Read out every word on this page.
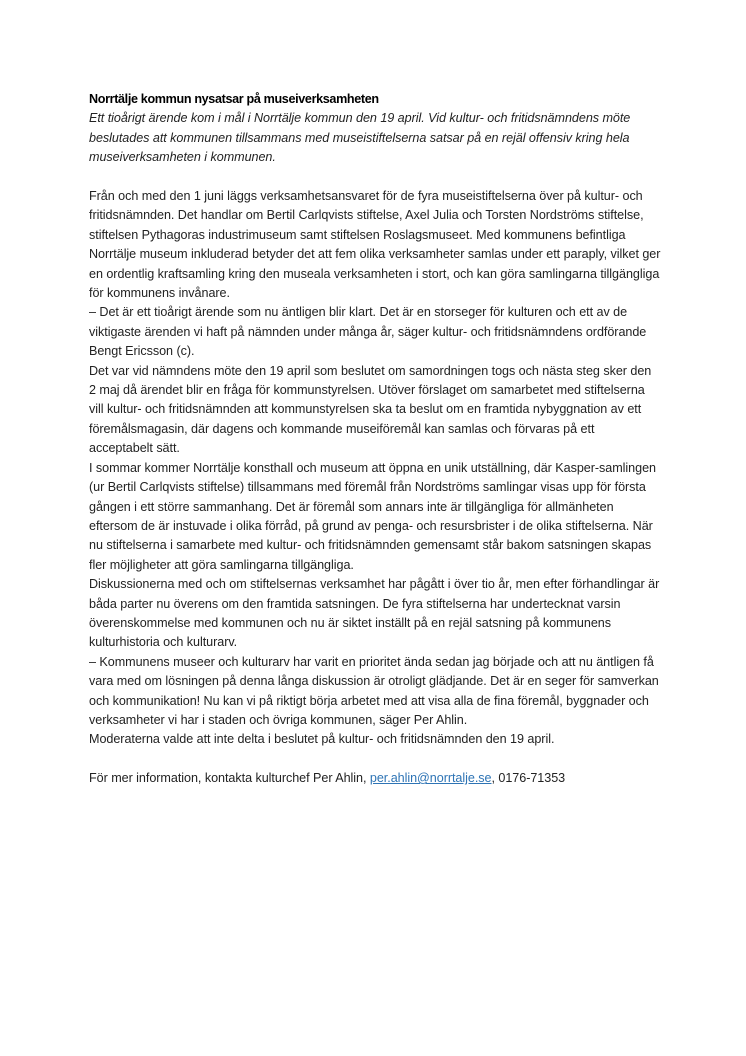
Norrtälje kommun nysatsar på museiverksamheten

Ett tioårigt ärende kom i mål i Norrtälje kommun den 19 april. Vid kultur- och fritidsnämndens möte beslutades att kommunen tillsammans med museistiftelserna satsar på en rejäl offensiv kring hela museiverksamheten i kommunen.

Från och med den 1 juni läggs verksamhetsansvaret för de fyra museistiftelserna över på kultur- och fritidsnämnden. Det handlar om Bertil Carlqvists stiftelse, Axel Julia och Torsten Nordströms stiftelse, stiftelsen Pythagoras industrimuseum samt stiftelsen Roslagsmuseet. Med kommunens befintliga Norrtälje museum inkluderad betyder det att fem olika verksamheter samlas under ett paraply, vilket ger en ordentlig kraftsamling kring den museala verksamheten i stort, och kan göra samlingarna tillgängliga för kommunens invånare.

– Det är ett tioårigt ärende som nu äntligen blir klart. Det är en storseger för kulturen och ett av de viktigaste ärenden vi haft på nämnden under många år, säger kultur- och fritidsnämndens ordförande Bengt Ericsson (c).

Det var vid nämndens möte den 19 april som beslutet om samordningen togs och nästa steg sker den 2 maj då ärendet blir en fråga för kommunstyrelsen. Utöver förslaget om samarbetet med stiftelserna vill kultur- och fritidsnämnden att kommunstyrelsen ska ta beslut om en framtida nybyggnation av ett föremålsmagasin, där dagens och kommande museiföremål kan samlas och förvaras på ett acceptabelt sätt.

I sommar kommer Norrtälje konsthall och museum att öppna en unik utställning, där Kasper-samlingen (ur Bertil Carlqvists stiftelse) tillsammans med föremål från Nordströms samlingar visas upp för första gången i ett större sammanhang. Det är föremål som annars inte är tillgängliga för allmänheten eftersom de är instuvade i olika förråd, på grund av penga- och resursbrister i de olika stiftelserna. När nu stiftelserna i samarbete med kultur- och fritidsnämnden gemensamt står bakom satsningen skapas fler möjligheter att göra samlingarna tillgängliga.

Diskussionerna med och om stiftelsernas verksamhet har pågått i över tio år, men efter förhandlingar är båda parter nu överens om den framtida satsningen. De fyra stiftelserna har undertecknat varsin överenskommelse med kommunen och nu är siktet inställt på en rejäl satsning på kommunens kulturhistoria och kulturarv.

– Kommunens museer och kulturarv har varit en prioritet ända sedan jag började och att nu äntligen få vara med om lösningen på denna långa diskussion är otroligt glädjande. Det är en seger för samverkan och kommunikation! Nu kan vi på riktigt börja arbetet med att visa alla de fina föremål, byggnader och verksamheter vi har i staden och övriga kommunen, säger Per Ahlin.

Moderaterna valde att inte delta i beslutet på kultur- och fritidsnämnden den 19 april.

För mer information, kontakta kulturchef Per Ahlin, per.ahlin@norrtalje.se, 0176-71353
